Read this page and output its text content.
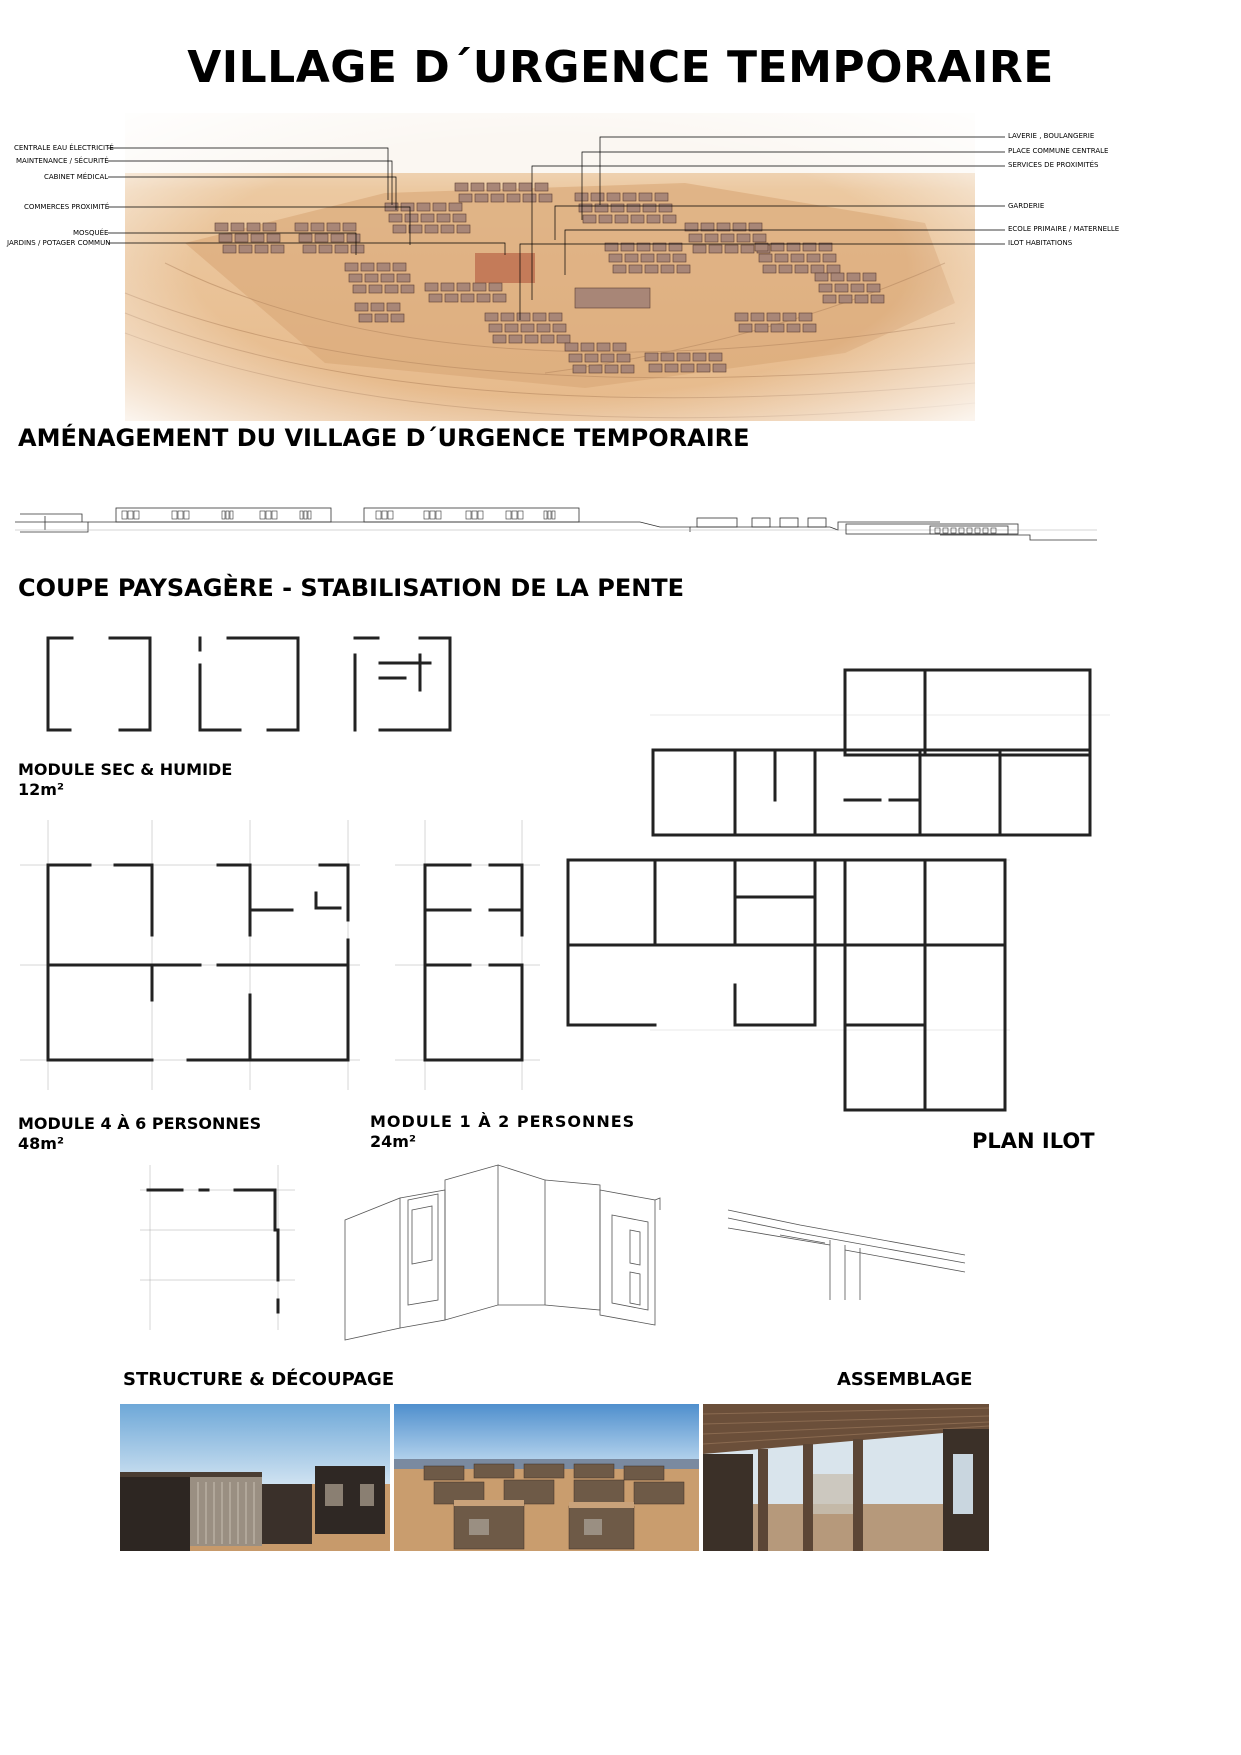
VILLAGE D´URGENCE TEMPORAIRE
CENTRALE EAU ÉLECTRICITÉ
MAINTENANCE / SÉCURITÉ
CABINET MÉDICAL
COMMERCES PROXIMITÉ
MOSQUÉE
JARDINS / POTAGER COMMUN
LAVERIE , BOULANGERIE
PLACE COMMUNE CENTRALE
SERVICES DE PROXIMITÉS
GARDERIE
ECOLE PRIMAIRE / MATERNELLE
ILOT HABITATIONS
AMÉNAGEMENT DU VILLAGE D´URGENCE TEMPORAIRE
COUPE PAYSAGÈRE - STABILISATION DE LA PENTE
MODULE SEC & HUMIDE
12m²
MODULE 4 À 6 PERSONNES
48m²
MODULE 1 À 2 PERSONNES
24m²	PLAN ILOT
STRUCTURE & DÉCOUPAGE	ASSEMBLAGE
